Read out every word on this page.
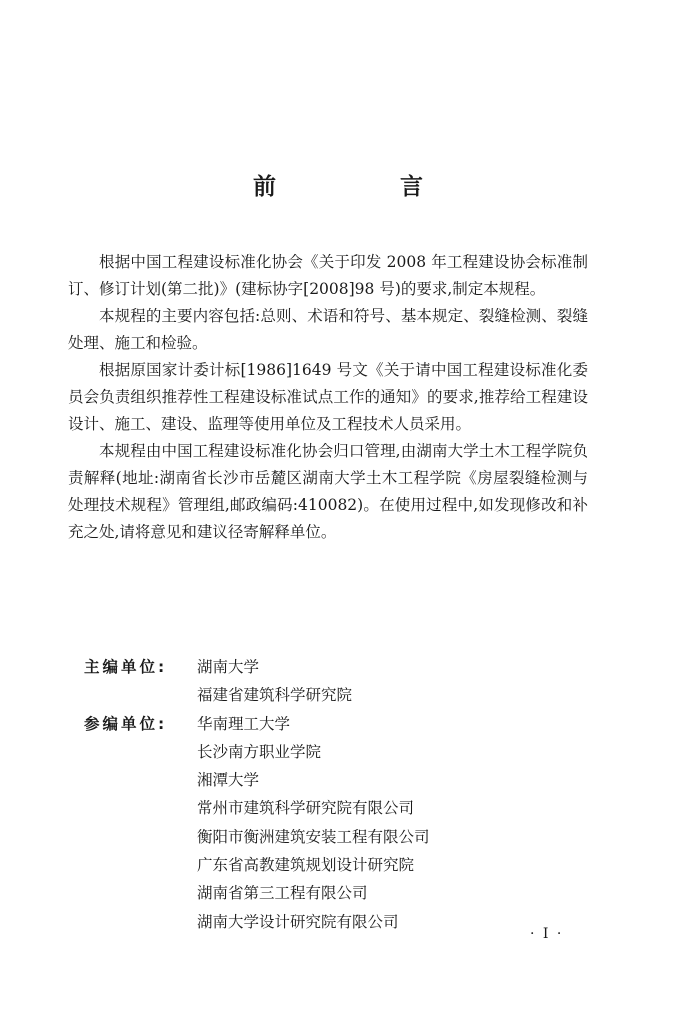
前 言

根据中国工程建设标准化协会《关于印发 2008 年工程建设协会标准制订、修订计划(第二批)》(建标协字[2008]98 号)的要求,制定本规程。

本规程的主要内容包括:总则、术语和符号、基本规定、裂缝检测、裂缝处理、施工和检验。

根据原国家计委计标[1986]1649 号文《关于请中国工程建设标准化委员会负责组织推荐性工程建设标准试点工作的通知》的要求,推荐给工程建设设计、施工、建设、监理等使用单位及工程技术人员采用。

本规程由中国工程建设标准化协会归口管理,由湖南大学土木工程学院负责解释(地址:湖南省长沙市岳麓区湖南大学土木工程学院《房屋裂缝检测与处理技术规程》管理组,邮政编码:410082)。在使用过程中,如发现修改和补充之处,请将意见和建议径寄解释单位。

主编单位:	湖南大学
福建省建筑科学研究院
参编单位:	华南理工大学
长沙南方职业学院
湘潭大学
常州市建筑科学研究院有限公司
衡阳市衡洲建筑安装工程有限公司
广东省高教建筑规划设计研究院
湖南省第三工程有限公司
湖南大学设计研究院有限公司
· Ⅰ ·
